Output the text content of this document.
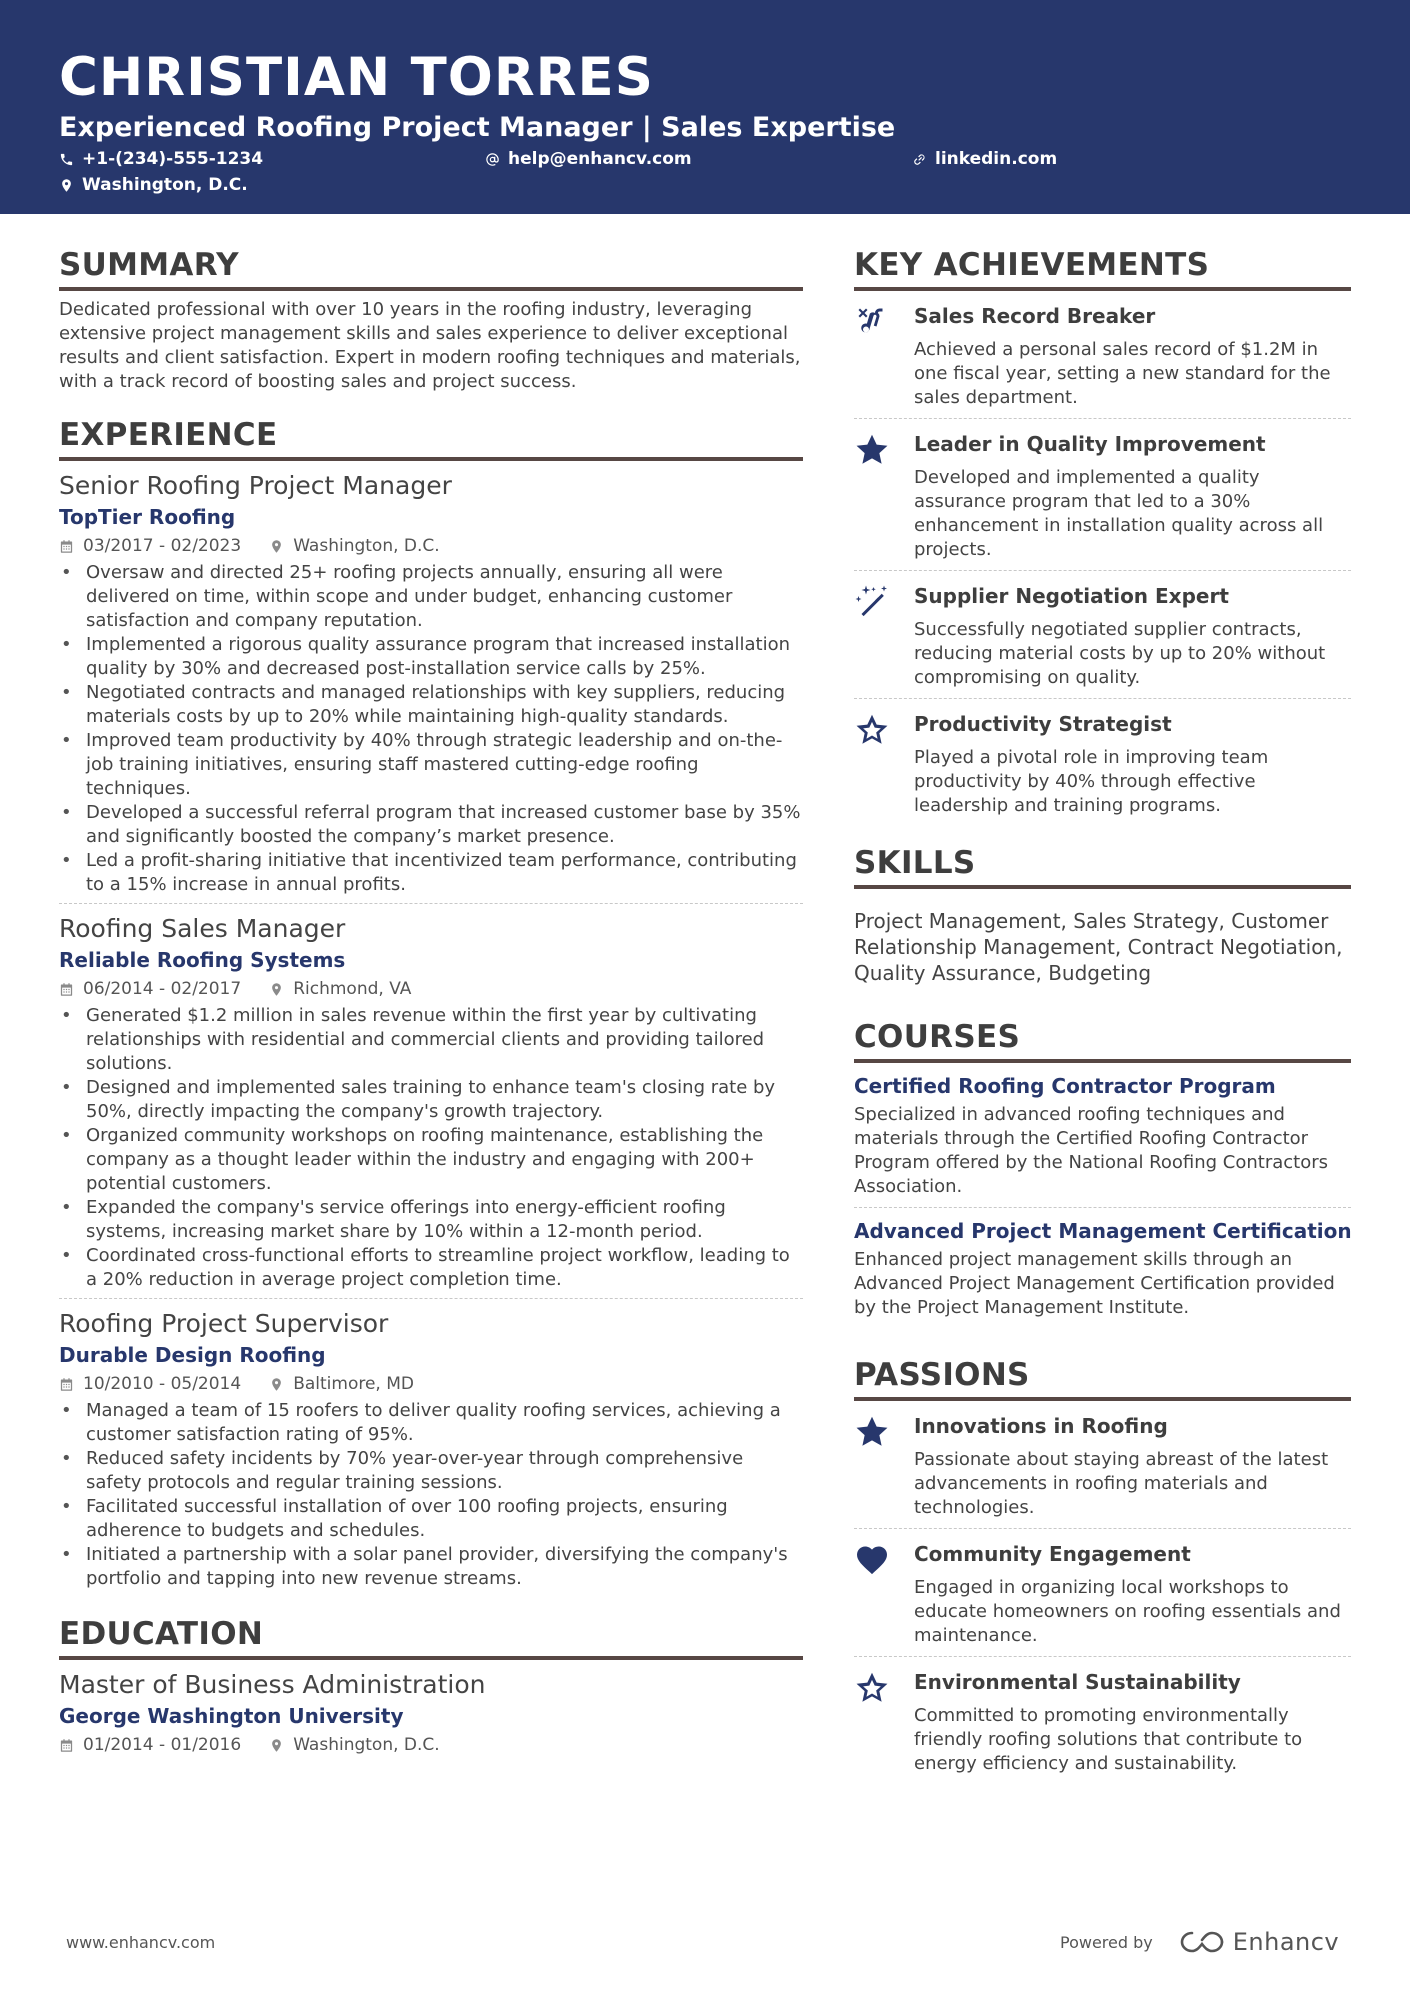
CHRISTIAN TORRES
Experienced Roofing Project Manager | Sales Expertise
+1-(234)-555-1234	help@enhancv.com	linkedin.com
Washington, D.C.
SUMMARY

Dedicated professional with over 10 years in the roofing industry, leveraging extensive project management skills and sales experience to deliver exceptional results and client satisfaction. Expert in modern roofing techniques and materials, with a track record of boosting sales and project success.

EXPERIENCE
Senior Roofing Project Manager
TopTier Roofing
03/2017 - 02/2023	Washington, D.C.
• Oversaw and directed 25+ roofing projects annually, ensuring all were delivered on time, within scope and under budget, enhancing customer satisfaction and company reputation.
• Implemented a rigorous quality assurance program that increased installation quality by 30% and decreased post-installation service calls by 25%.
• Negotiated contracts and managed relationships with key suppliers, reducing materials costs by up to 20% while maintaining high-quality standards.
• Improved team productivity by 40% through strategic leadership and on-the-job training initiatives, ensuring staff mastered cutting-edge roofing techniques.
• Developed a successful referral program that increased customer base by 35% and significantly boosted the company’s market presence.
• Led a profit-sharing initiative that incentivized team performance, contributing to a 15% increase in annual profits.
Roofing Sales Manager
Reliable Roofing Systems
06/2014 - 02/2017	Richmond, VA
• Generated $1.2 million in sales revenue within the first year by cultivating relationships with residential and commercial clients and providing tailored solutions.
• Designed and implemented sales training to enhance team's closing rate by 50%, directly impacting the company's growth trajectory.
• Organized community workshops on roofing maintenance, establishing the company as a thought leader within the industry and engaging with 200+ potential customers.
• Expanded the company's service offerings into energy-efficient roofing systems, increasing market share by 10% within a 12-month period.
• Coordinated cross-functional efforts to streamline project workflow, leading to a 20% reduction in average project completion time.
Roofing Project Supervisor
Durable Design Roofing
10/2010 - 05/2014	Baltimore, MD
• Managed a team of 15 roofers to deliver quality roofing services, achieving a customer satisfaction rating of 95%.
• Reduced safety incidents by 70% year-over-year through comprehensive safety protocols and regular training sessions.
• Facilitated successful installation of over 100 roofing projects, ensuring adherence to budgets and schedules.
• Initiated a partnership with a solar panel provider, diversifying the company's portfolio and tapping into new revenue streams.
EDUCATION
Master of Business Administration
George Washington University
01/2014 - 01/2016	Washington, D.C.
KEY ACHIEVEMENTS
Sales Record Breaker
Achieved a personal sales record of $1.2M in one fiscal year, setting a new standard for the sales department.
Leader in Quality Improvement
Developed and implemented a quality assurance program that led to a 30% enhancement in installation quality across all projects.
Supplier Negotiation Expert
Successfully negotiated supplier contracts, reducing material costs by up to 20% without compromising on quality.
Productivity Strategist
Played a pivotal role in improving team productivity by 40% through effective leadership and training programs.
SKILLS

Project Management, Sales Strategy, Customer Relationship Management, Contract Negotiation, Quality Assurance, Budgeting

COURSES
Certified Roofing Contractor Program
Specialized in advanced roofing techniques and materials through the Certified Roofing Contractor Program offered by the National Roofing Contractors Association.
Advanced Project Management Certification
Enhanced project management skills through an Advanced Project Management Certification provided by the Project Management Institute.
PASSIONS
Innovations in Roofing
Passionate about staying abreast of the latest advancements in roofing materials and technologies.
Community Engagement
Engaged in organizing local workshops to educate homeowners on roofing essentials and maintenance.
Environmental Sustainability
Committed to promoting environmentally friendly roofing solutions that contribute to energy efficiency and sustainability.
www.enhancv.com	Powered by	Enhancv
